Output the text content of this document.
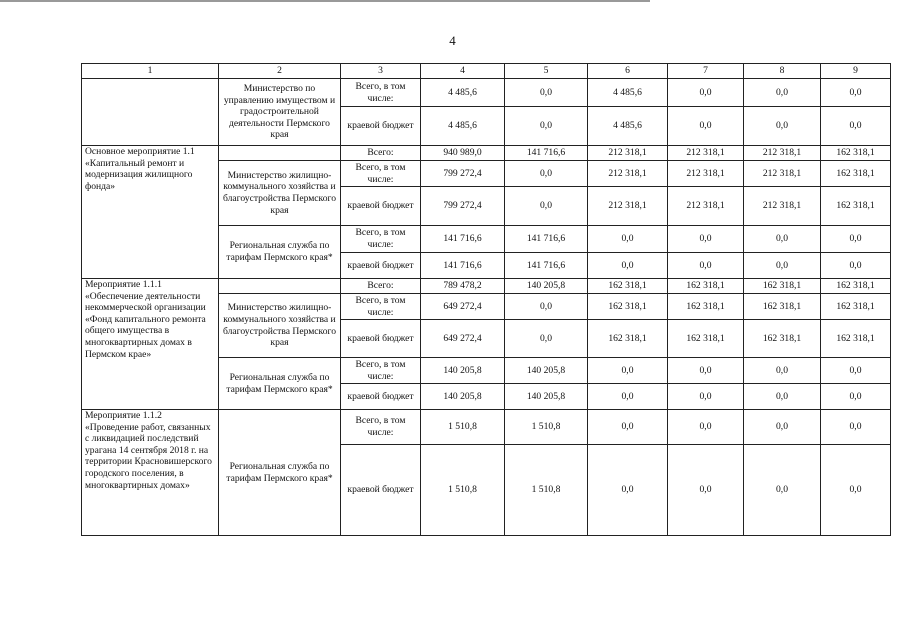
4
1	2	3	4	5	6	7	8	9
	Министерство по управлению имуществом и градостроительной деятельности Пермского края	Всего, в том числе:	4 485,6	0,0	4 485,6	0,0	0,0	0,0
		краевой бюджет	4 485,6	0,0	4 485,6	0,0	0,0	0,0
Основное мероприятие 1.1 «Капитальный ремонт и модернизация жилищного фонда»		Всего:	940 989,0	141 716,6	212 318,1	212 318,1	212 318,1	162 318,1
	Министерство жилищно-коммунального хозяйства и благоустройства Пермского края	Всего, в том числе:	799 272,4	0,0	212 318,1	212 318,1	212 318,1	162 318,1
		краевой бюджет	799 272,4	0,0	212 318,1	212 318,1	212 318,1	162 318,1
	Региональная служба по тарифам Пермского края*	Всего, в том числе:	141 716,6	141 716,6	0,0	0,0	0,0	0,0
		краевой бюджет	141 716,6	141 716,6	0,0	0,0	0,0	0,0
Мероприятие 1.1.1 «Обеспечение деятельности некоммерческой организации «Фонд капитального ремонта общего имущества в многоквартирных домах в Пермском крае»		Всего:	789 478,2	140 205,8	162 318,1	162 318,1	162 318,1	162 318,1
	Министерство жилищно-коммунального хозяйства и благоустройства Пермского края	Всего, в том числе:	649 272,4	0,0	162 318,1	162 318,1	162 318,1	162 318,1
		краевой бюджет	649 272,4	0,0	162 318,1	162 318,1	162 318,1	162 318,1
	Региональная служба по тарифам Пермского края*	Всего, в том числе:	140 205,8	140 205,8	0,0	0,0	0,0	0,0
		краевой бюджет	140 205,8	140 205,8	0,0	0,0	0,0	0,0
Мероприятие 1.1.2 «Проведение работ, связанных с ликвидацией последствий урагана 14 сентября 2018 г. на территории Красновишерского городского поселения, в многоквартирных домах»	Региональная служба по тарифам Пермского края*	Всего, в том числе:	1 510,8	1 510,8	0,0	0,0	0,0	0,0
		краевой бюджет	1 510,8	1 510,8	0,0	0,0	0,0	0,0
